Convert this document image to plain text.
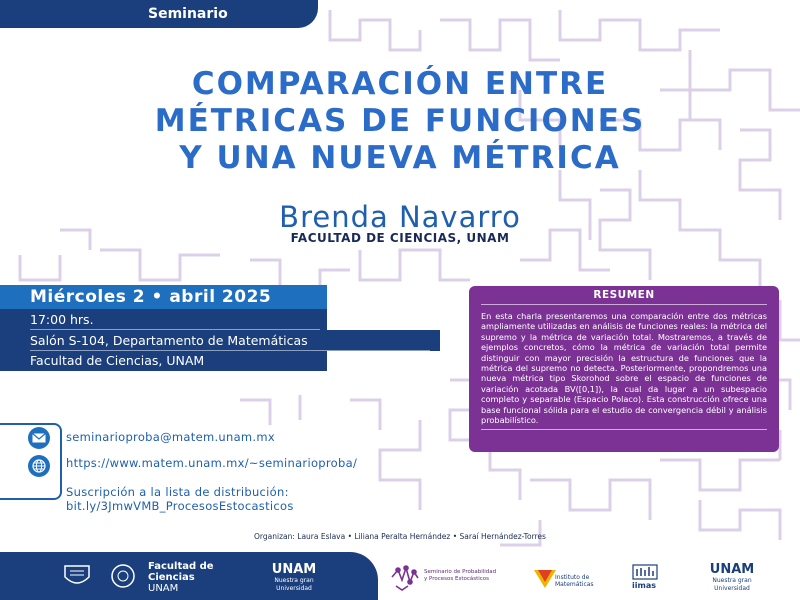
Seminario
COMPARACIÓN ENTRE
MÉTRICAS DE FUNCIONES
Y UNA NUEVA MÉTRICA
Brenda Navarro
FACULTAD DE CIENCIAS, UNAM
Miércoles 2 • abril 2025
17:00 hrs.
Salón S-104, Departamento de Matemáticas
Facultad de Ciencias, UNAM
RESUMEN
En esta charla presentaremos una comparación entre dos métricas ampliamente utilizadas en análisis de funciones reales: la métrica del supremo y la métrica de variación total. Mostraremos, a través de ejemplos concretos, cómo la métrica de variación total permite distinguir con mayor precisión la estructura de funciones que la métrica del supremo no detecta. Posteriormente, propondremos una nueva métrica tipo Skorohod sobre el espacio de funciones de variación acotada BV([0,1]), la cual da lugar a un subespacio completo y separable (Espacio Polaco). Esta construcción ofrece una base funcional sólida para el estudio de convergencia débil y análisis probabilístico.
seminarioproba@matem.unam.mx
https://www.matem.unam.mx/~seminarioproba/
Suscripción a la lista de distribución:
bit.ly/3JmwVMB_ProcesosEstocasticos
Organizan: Laura Eslava • Liliana Peralta Hernández • Saraí Hernández-Torres
Facultad de
Ciencias
UNAM
UNAM
Nuestra gran Universidad
Seminario de Probabilidad
y Procesos Estocásticos	Instituto de
Matemáticas	iimas
UNAM
Nuestra gran Universidad
